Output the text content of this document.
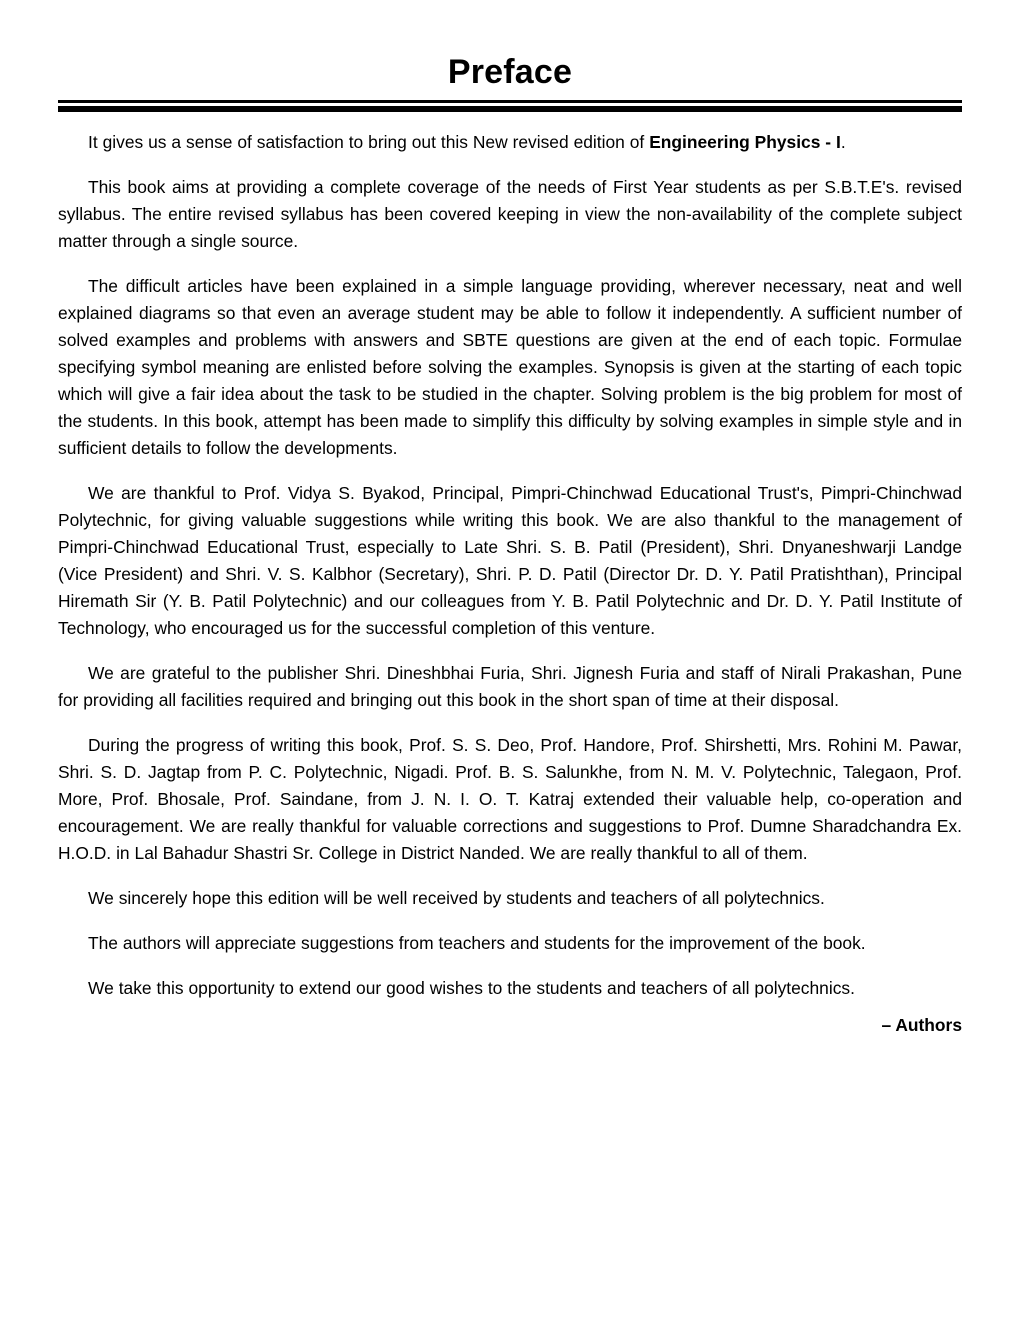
Preface

It gives us a sense of satisfaction to bring out this New revised edition of Engineering Physics - I.

This book aims at providing a complete coverage of the needs of First Year students as per S.B.T.E's. revised syllabus. The entire revised syllabus has been covered keeping in view the non-availability of the complete subject matter through a single source.

The difficult articles have been explained in a simple language providing, wherever necessary, neat and well explained diagrams so that even an average student may be able to follow it independently. A sufficient number of solved examples and problems with answers and SBTE questions are given at the end of each topic. Formulae specifying symbol meaning are enlisted before solving the examples. Synopsis is given at the starting of each topic which will give a fair idea about the task to be studied in the chapter. Solving problem is the big problem for most of the students. In this book, attempt has been made to simplify this difficulty by solving examples in simple style and in sufficient details to follow the developments.

We are thankful to Prof. Vidya S. Byakod, Principal, Pimpri-Chinchwad Educational Trust's, Pimpri-Chinchwad Polytechnic, for giving valuable suggestions while writing this book. We are also thankful to the management of Pimpri-Chinchwad Educational Trust, especially to Late Shri. S. B. Patil (President), Shri. Dnyaneshwarji Landge (Vice President) and Shri. V. S. Kalbhor (Secretary), Shri. P. D. Patil (Director Dr. D. Y. Patil Pratishthan), Principal Hiremath Sir (Y. B. Patil Polytechnic) and our colleagues from Y. B. Patil Polytechnic and Dr. D. Y. Patil Institute of Technology, who encouraged us for the successful completion of this venture.

We are grateful to the publisher Shri. Dineshbhai Furia, Shri. Jignesh Furia and staff of Nirali Prakashan, Pune for providing all facilities required and bringing out this book in the short span of time at their disposal.

During the progress of writing this book, Prof. S. S. Deo, Prof. Handore, Prof. Shirshetti, Mrs. Rohini M. Pawar, Shri. S. D. Jagtap from P. C. Polytechnic, Nigadi. Prof. B. S. Salunkhe, from N. M. V. Polytechnic, Talegaon, Prof. More, Prof. Bhosale, Prof. Saindane, from J. N. I. O. T. Katraj extended their valuable help, co-operation and encouragement. We are really thankful for valuable corrections and suggestions to Prof. Dumne Sharadchandra Ex. H.O.D. in Lal Bahadur Shastri Sr. College in District Nanded. We are really thankful to all of them.

We sincerely hope this edition will be well received by students and teachers of all polytechnics.

The authors will appreciate suggestions from teachers and students for the improvement of the book.

We take this opportunity to extend our good wishes to the students and teachers of all polytechnics.

– Authors
